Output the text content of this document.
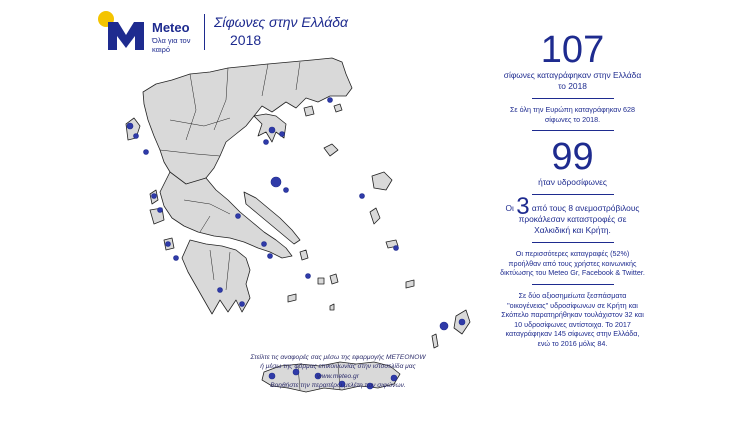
Meteo
Όλα για τον καιρό
Σίφωνες στην Ελλάδα
2018
Στείλτε τις αναφορές σας μέσω της εφαρμογής METEONOW
ή μέσω της φόρμας επικοινωνίας στην ιστοσελίδα μας
www.meteo.gr
Βοηθήστε την περαιτέρω μελέτη των σιφώνων.
107
σίφωνες καταγράφηκαν στην Ελλάδα το 2018
Σε όλη την Ευρώπη καταγράφηκαν 628 σίφωνες το 2018.
99
ήταν υδροσίφωνες
Οι 3 από τους 8 ανεμοστρόβιλους προκάλεσαν καταστροφές σε Χαλκιδική και Κρήτη.
Οι περισσότερες καταγραφές (52%) προήλθαν από τους χρήστες κοινωνικής δικτύωσης του Meteo Gr, Facebook & Twitter.
Σε δύο αξιοσημείωτα ξεσπάσματα "οικογένειας" υδροσίφωνων σε Κρήτη και Σκόπελο παρατηρήθηκαν τουλάχιστον 32 και 10 υδροσίφωνες αντίστοιχα. Το 2017 καταγράφηκαν 145 σίφωνες στην Ελλάδα, ενώ το 2016 μόλις 84.
